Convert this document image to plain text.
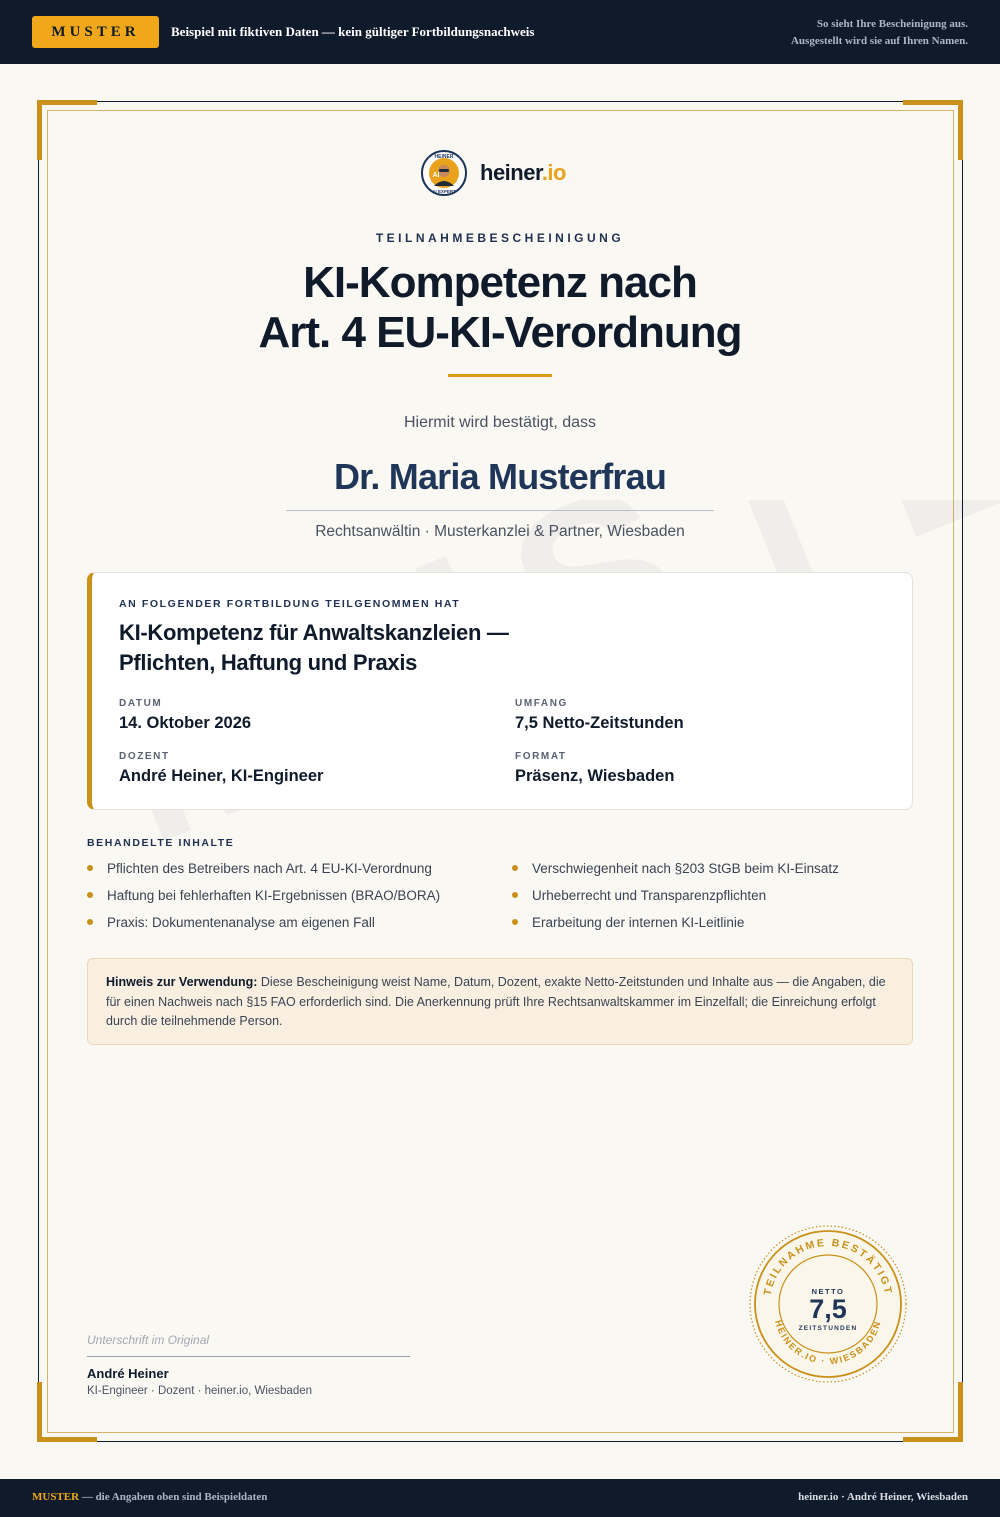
MUSTER	Beispiel mit fiktiven Daten — kein gültiger Fortbildungsnachweis	So sieht Ihre Bescheinigung aus.
Ausgestellt wird sie auf Ihren Namen.
HEINER
AI
AI EXPERT
heiner.io
TEILNAHMEBESCHEINIGUNG
KI-Kompetenz nach
Art. 4 EU-KI-Verordnung
Hiermit wird bestätigt, dass
Dr. Maria Musterfrau
Rechtsanwältin · Musterkanzlei & Partner, Wiesbaden
AN FOLGENDER FORTBILDUNG TEILGENOMMEN HAT
KI-Kompetenz für Anwaltskanzleien —
Pflichten, Haftung und Praxis
DATUM
14. Oktober 2026
UMFANG
7,5 Netto-Zeitstunden
DOZENT
André Heiner, KI-Engineer
FORMAT
Präsenz, Wiesbaden
BEHANDELTE INHALTE
Pflichten des Betreibers nach Art. 4 EU-KI-Verordnung
Haftung bei fehlerhaften KI-Ergebnissen (BRAO/BORA)
Praxis: Dokumentenanalyse am eigenen Fall
Verschwiegenheit nach §203 StGB beim KI-Einsatz
Urheberrecht und Transparenzpflichten
Erarbeitung der internen KI-Leitlinie
Hinweis zur Verwendung: Diese Bescheinigung weist Name, Datum, Dozent, exakte Netto-Zeitstunden und Inhalte aus — die Angaben, die für einen Nachweis nach §15 FAO erforderlich sind. Die Anerkennung prüft Ihre Rechtsanwaltskammer im Einzelfall; die Einreichung erfolgt durch die teilnehmende Person.
Unterschrift im Original
André Heiner
KI-Engineer · Dozent · heiner.io, Wiesbaden
TEILNAHME BESTÄTIGT
HEINER.IO · WIESBADEN
NETTO
7,5
ZEITSTUNDEN
MUSTER — die Angaben oben sind Beispieldaten	heiner.io · André Heiner, Wiesbaden
